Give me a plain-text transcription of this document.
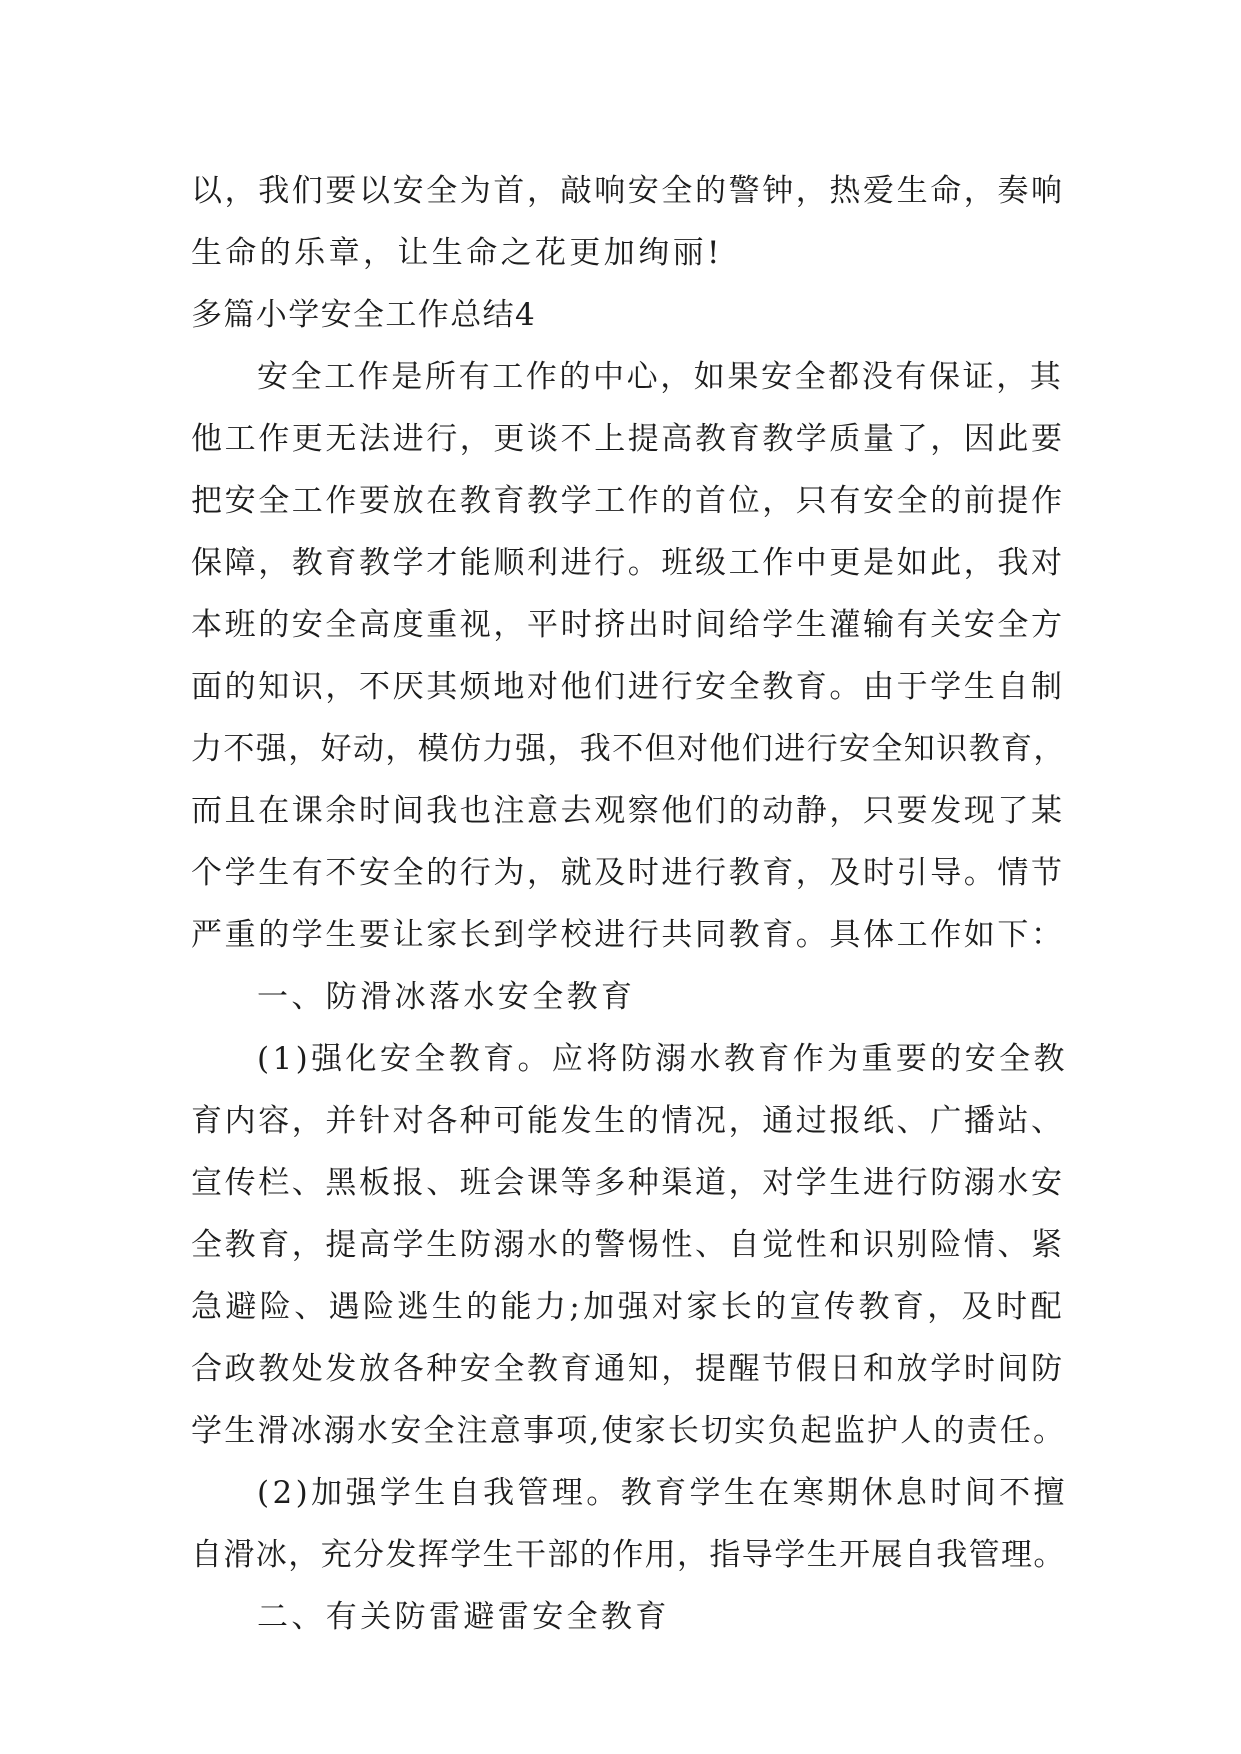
以，我们要以安全为首，敲响安全的警钟，热爱生命，奏响
生命的乐章，让生命之花更加绚丽!
多篇小学安全工作总结4
安全工作是所有工作的中心，如果安全都没有保证，其
他工作更无法进行，更谈不上提高教育教学质量了，因此要
把安全工作要放在教育教学工作的首位，只有安全的前提作
保障，教育教学才能顺利进行。班级工作中更是如此，我对
本班的安全高度重视，平时挤出时间给学生灌输有关安全方
面的知识，不厌其烦地对他们进行安全教育。由于学生自制
力不强，好动，模仿力强，我不但对他们进行安全知识教育，
而且在课余时间我也注意去观察他们的动静，只要发现了某
个学生有不安全的行为，就及时进行教育，及时引导。情节
严重的学生要让家长到学校进行共同教育。具体工作如下：
一、防滑冰落水安全教育
(1)强化安全教育。应将防溺水教育作为重要的安全教
育内容，并针对各种可能发生的情况，通过报纸、广播站、
宣传栏、黑板报、班会课等多种渠道，对学生进行防溺水安
全教育，提高学生防溺水的警惕性、自觉性和识别险情、紧
急避险、遇险逃生的能力;加强对家长的宣传教育，及时配
合政教处发放各种安全教育通知，提醒节假日和放学时间防
学生滑冰溺水安全注意事项,使家长切实负起监护人的责任。
(2)加强学生自我管理。教育学生在寒期休息时间不擅
自滑冰，充分发挥学生干部的作用，指导学生开展自我管理。
二、有关防雷避雷安全教育
